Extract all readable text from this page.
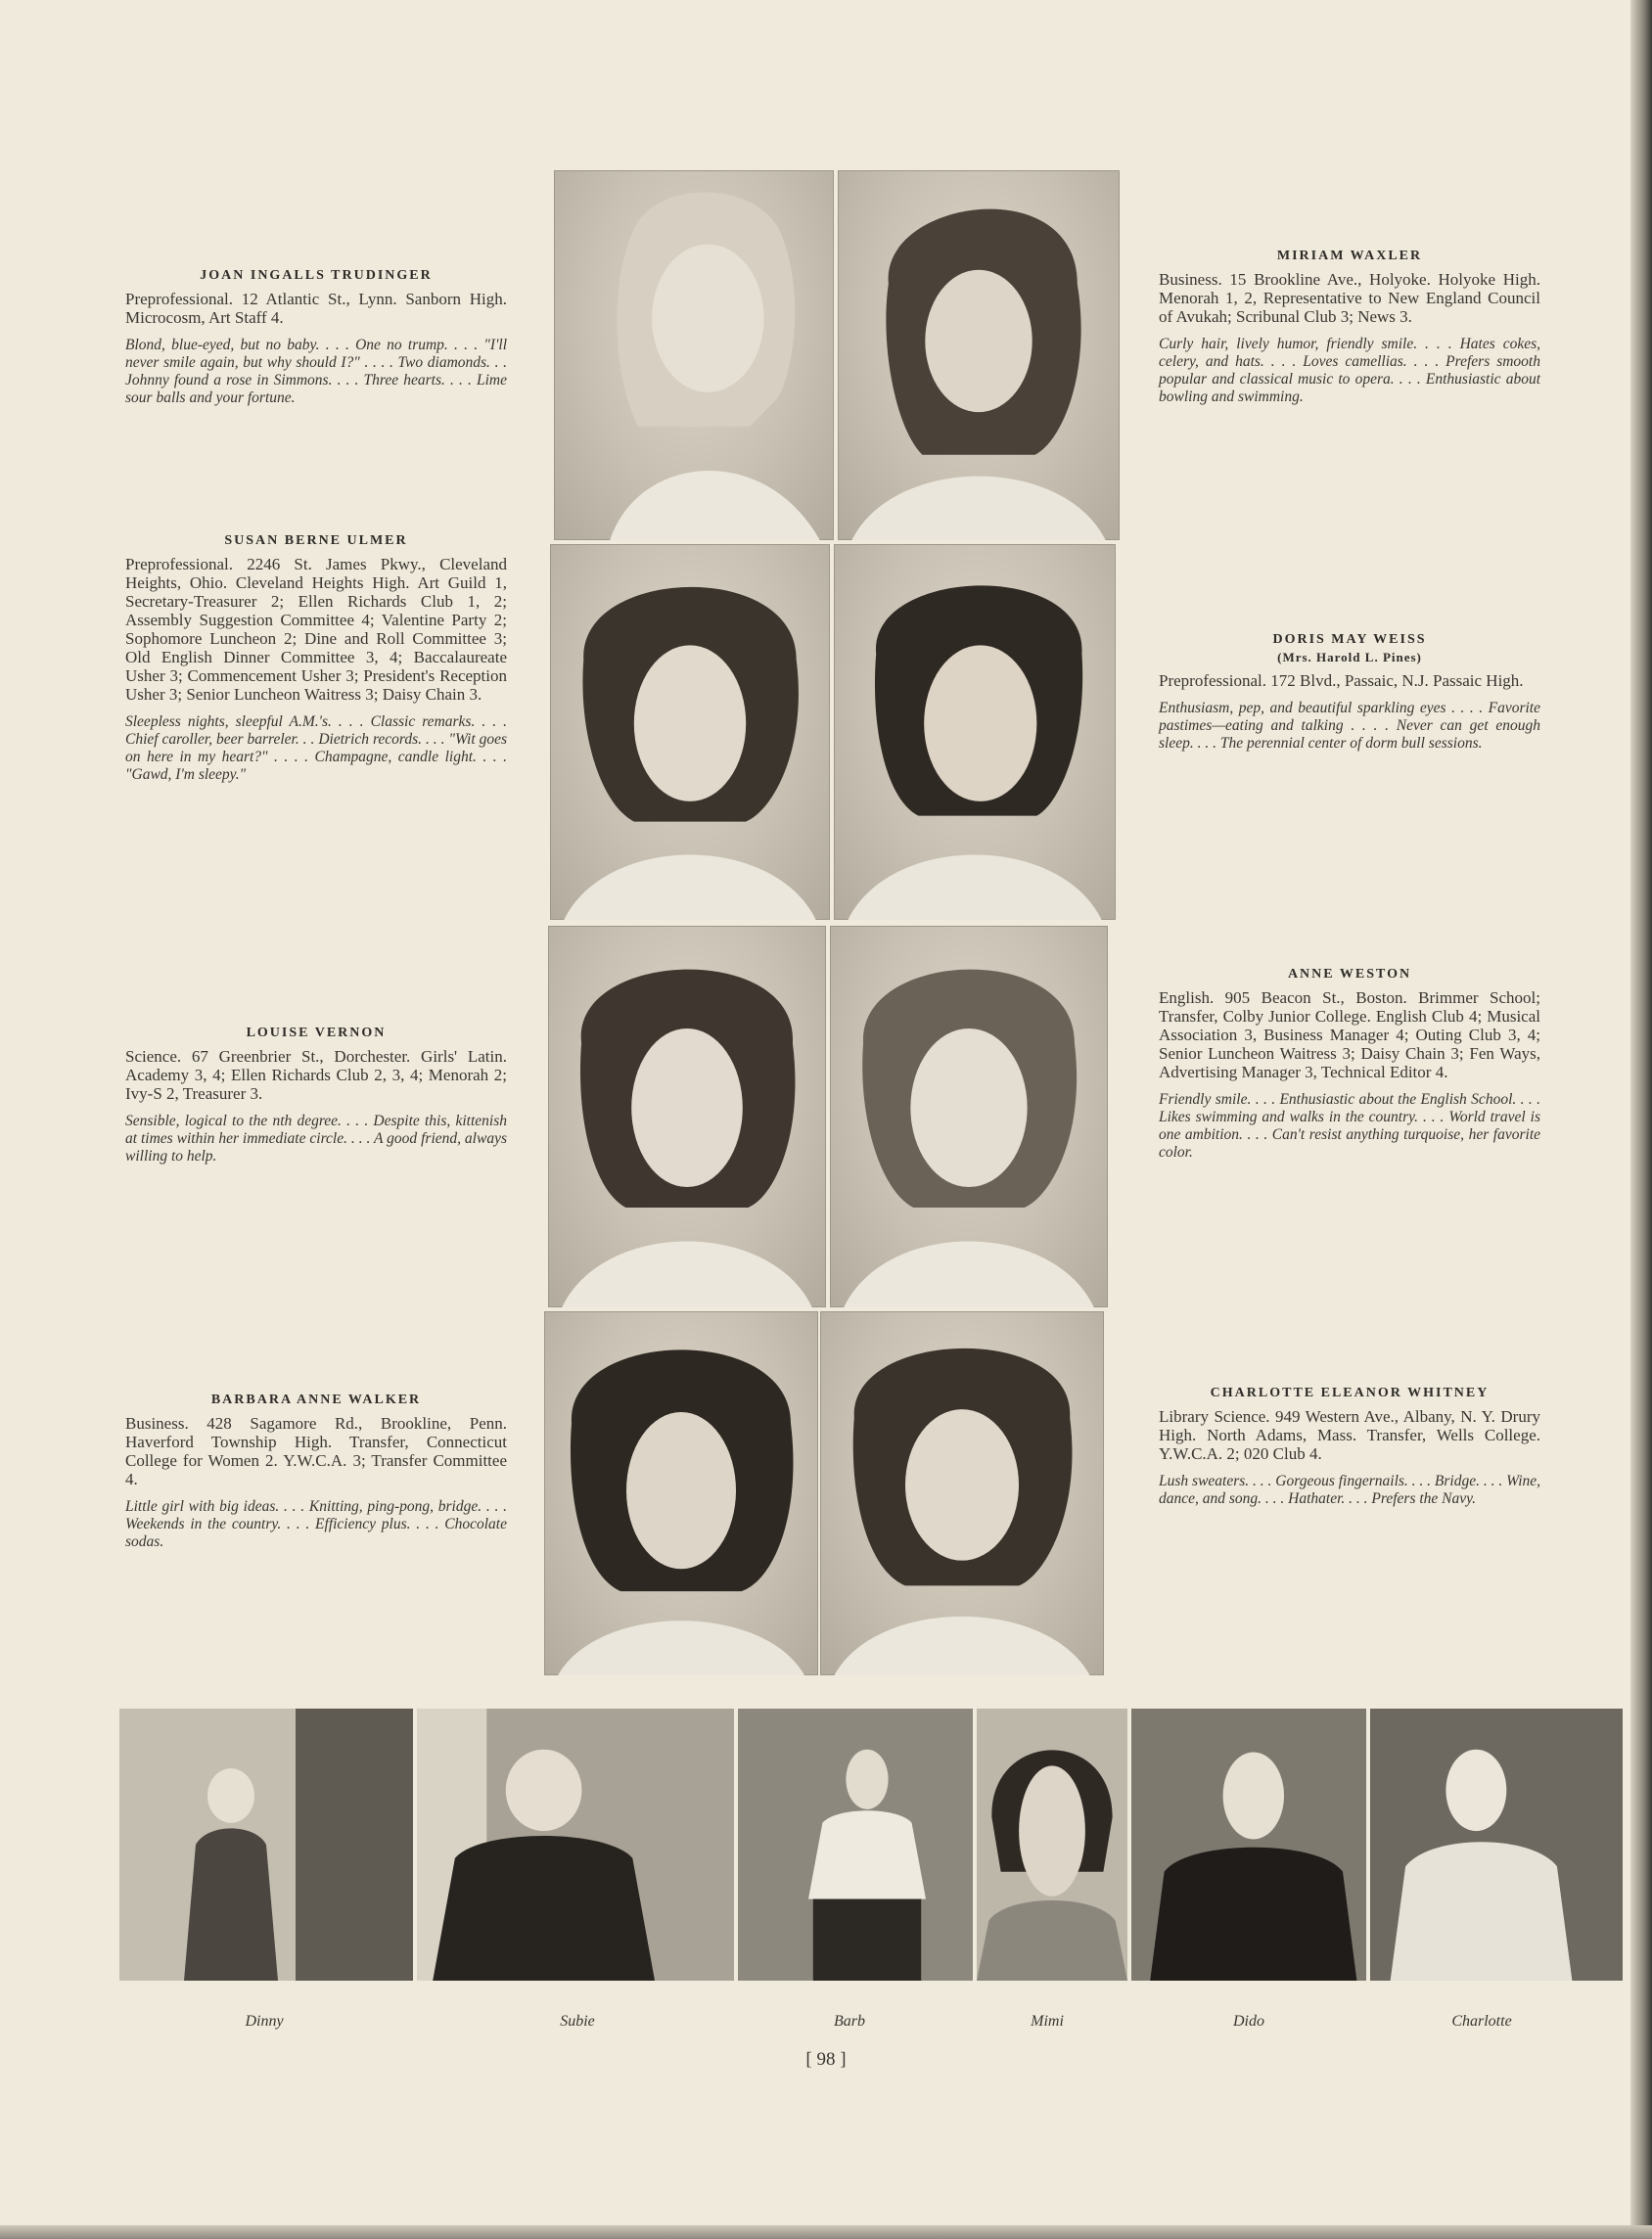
JOAN INGALLS TRUDINGER

Preprofessional. 12 Atlantic St., Lynn. Sanborn High. Microcosm, Art Staff 4.

Blond, blue-eyed, but no baby. . . . One no trump. . . . "I'll never smile again, but why should I?" . . . . Two diamonds. . . Johnny found a rose in Simmons. . . . Three hearts. . . . Lime sour balls and your fortune.

SUSAN BERNE ULMER

Preprofessional. 2246 St. James Pkwy., Cleveland Heights, Ohio. Cleveland Heights High. Art Guild 1, Secretary-Treasurer 2; Ellen Richards Club 1, 2; Assembly Suggestion Committee 4; Valentine Party 2; Sophomore Luncheon 2; Dine and Roll Committee 3; Old English Dinner Committee 3, 4; Baccalaureate Usher 3; Commencement Usher 3; President's Reception Usher 3; Senior Luncheon Waitress 3; Daisy Chain 3.

Sleepless nights, sleepful A.M.'s. . . . Classic remarks. . . . Chief caroller, beer barreler. . . Dietrich records. . . . "Wit goes on here in my heart?" . . . . Champagne, candle light. . . . "Gawd, I'm sleepy."

LOUISE VERNON

Science. 67 Greenbrier St., Dorchester. Girls' Latin. Academy 3, 4; Ellen Richards Club 2, 3, 4; Menorah 2; Ivy-S 2, Treasurer 3.

Sensible, logical to the nth degree. . . . Despite this, kittenish at times within her immediate circle. . . . A good friend, always willing to help.

BARBARA ANNE WALKER

Business. 428 Sagamore Rd., Brookline, Penn. Haverford Township High. Transfer, Connecticut College for Women 2. Y.W.C.A. 3; Transfer Committee 4.

Little girl with big ideas. . . . Knitting, ping-pong, bridge. . . . Weekends in the country. . . . Efficiency plus. . . . Chocolate sodas.

MIRIAM WAXLER

Business. 15 Brookline Ave., Holyoke. Holyoke High. Menorah 1, 2, Representative to New England Council of Avukah; Scribunal Club 3; News 3.

Curly hair, lively humor, friendly smile. . . . Hates cokes, celery, and hats. . . . Loves camellias. . . . Prefers smooth popular and classical music to opera. . . . Enthusiastic about bowling and swimming.

DORIS MAY WEISS
(Mrs. Harold L. Pines)

Preprofessional. 172 Blvd., Passaic, N.J. Passaic High.

Enthusiasm, pep, and beautiful sparkling eyes . . . . Favorite pastimes—eating and talking . . . . Never can get enough sleep. . . . The perennial center of dorm bull sessions.

ANNE WESTON

English. 905 Beacon St., Boston. Brimmer School; Transfer, Colby Junior College. English Club 4; Musical Association 3, Business Manager 4; Outing Club 3, 4; Senior Luncheon Waitress 3; Daisy Chain 3; Fen Ways, Advertising Manager 3, Technical Editor 4.

Friendly smile. . . . Enthusiastic about the English School. . . . Likes swimming and walks in the country. . . . World travel is one ambition. . . . Can't resist anything turquoise, her favorite color.

CHARLOTTE ELEANOR WHITNEY

Library Science. 949 Western Ave., Albany, N. Y. Drury High. North Adams, Mass. Transfer, Wells College. Y.W.C.A. 2; 020 Club 4.

Lush sweaters. . . . Gorgeous fingernails. . . . Bridge. . . . Wine, dance, and song. . . . Hathater. . . . Prefers the Navy.

Dinny	Subie	Barb	Mimi	Dido	Charlotte
[ 98 ]
